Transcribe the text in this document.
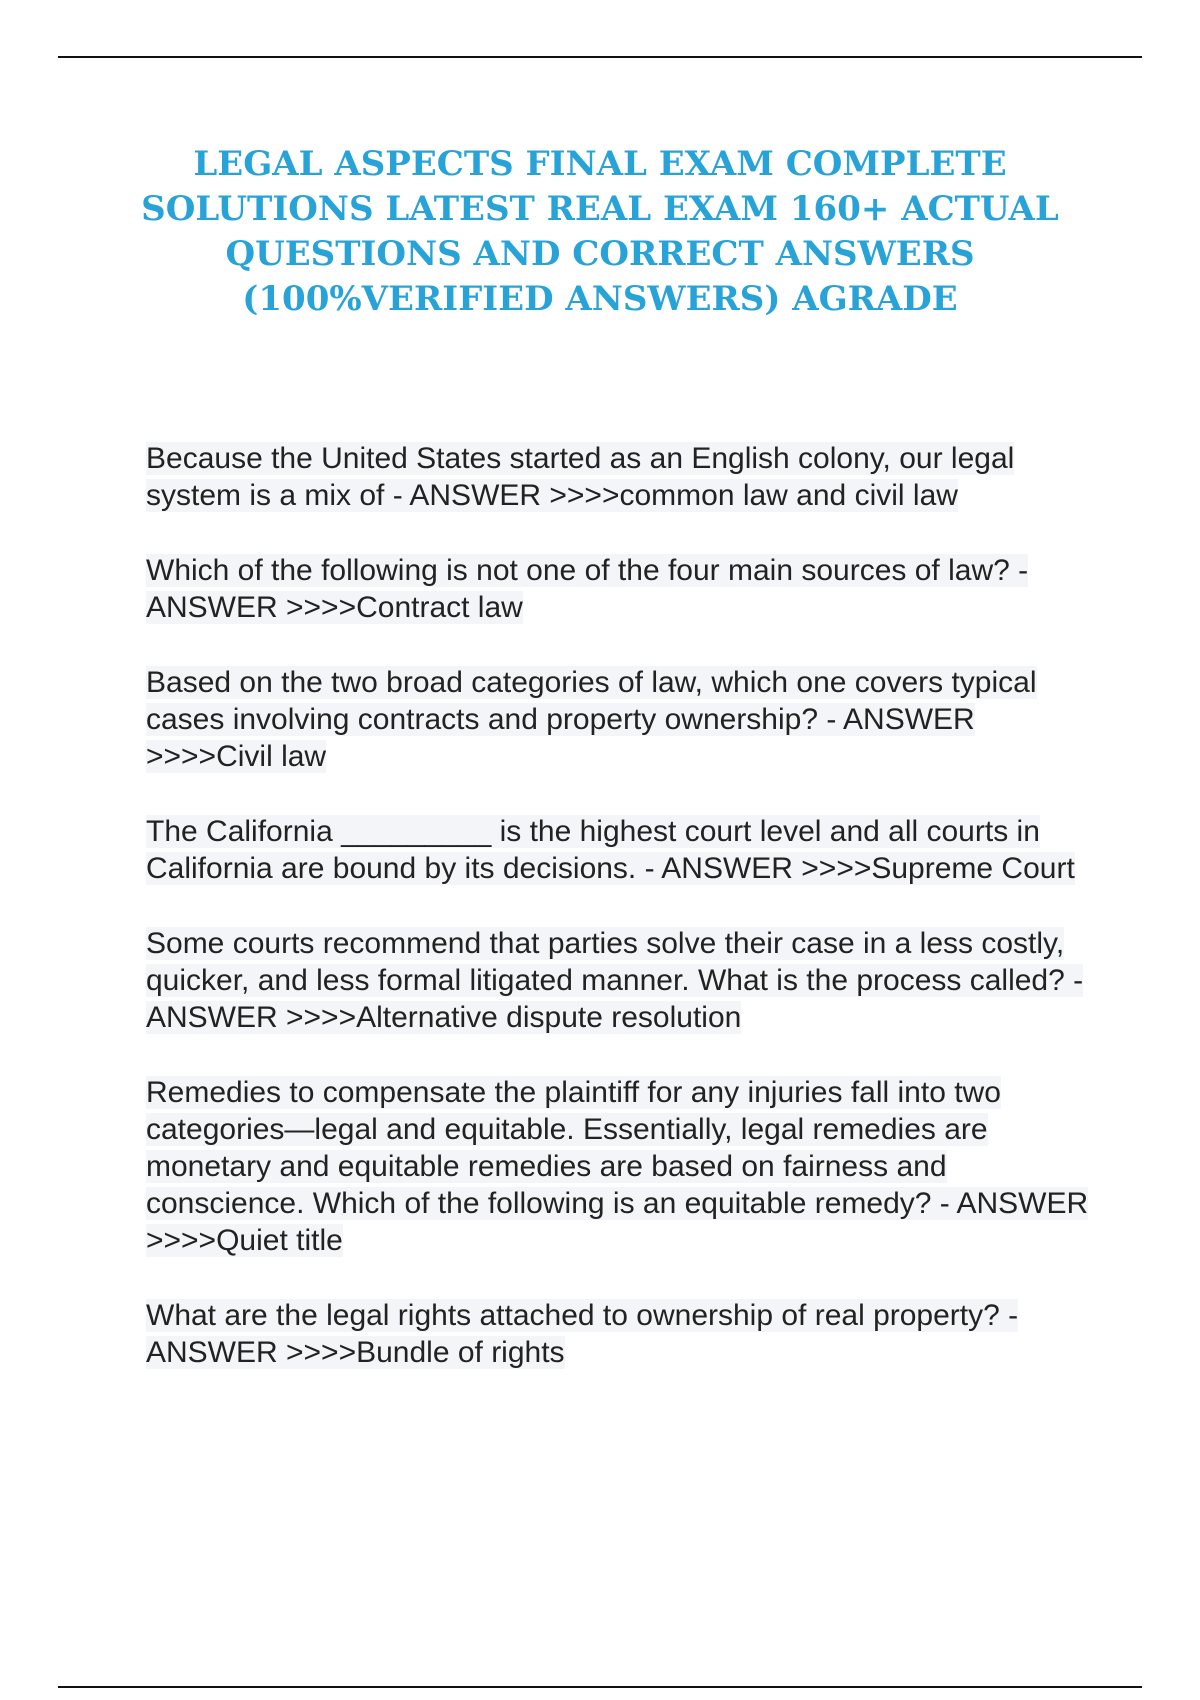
LEGAL ASPECTS FINAL EXAM COMPLETE SOLUTIONS LATEST REAL EXAM 160+ ACTUAL QUESTIONS AND CORRECT ANSWERS (100%VERIFIED ANSWERS) AGRADE

Because the United States started as an English colony, our legal system is a mix of - ANSWER >>>>common law and civil law

Which of the following is not one of the four main sources of law? - ANSWER >>>>Contract law

Based on the two broad categories of law, which one covers typical cases involving contracts and property ownership? - ANSWER >>>>Civil law

The California _________ is the highest court level and all courts in California are bound by its decisions. - ANSWER >>>>Supreme Court

Some courts recommend that parties solve their case in a less costly, quicker, and less formal litigated manner. What is the process called? - ANSWER >>>>Alternative dispute resolution

Remedies to compensate the plaintiff for any injuries fall into two categories—legal and equitable. Essentially, legal remedies are monetary and equitable remedies are based on fairness and conscience. Which of the following is an equitable remedy? - ANSWER >>>>Quiet title

What are the legal rights attached to ownership of real property? - ANSWER >>>>Bundle of rights
